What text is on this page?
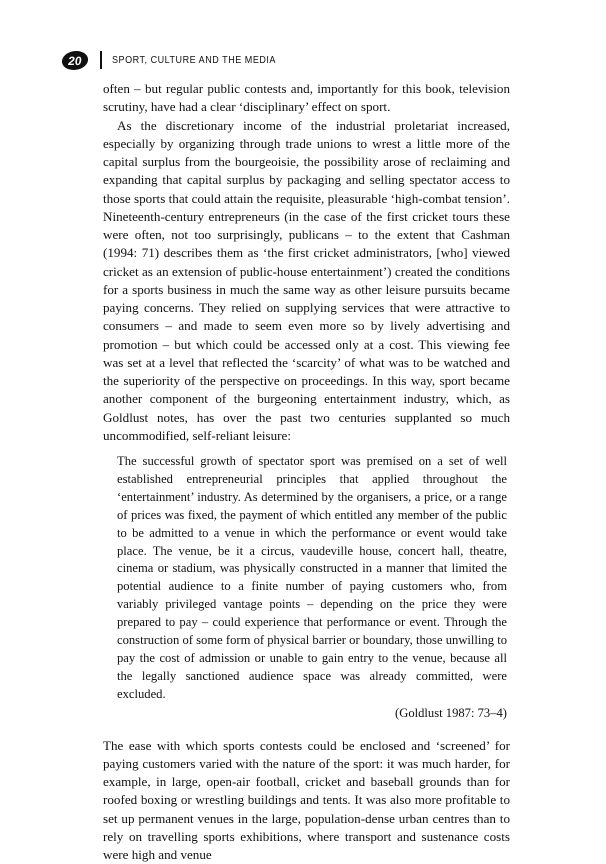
20	SPORT, CULTURE AND THE MEDIA

often – but regular public contests and, importantly for this book, television scrutiny, have had a clear ‘disciplinary’ effect on sport.

As the discretionary income of the industrial proletariat increased, especially by organizing through trade unions to wrest a little more of the capital surplus from the bourgeoisie, the possibility arose of reclaiming and expanding that capital surplus by packaging and selling spectator access to those sports that could attain the requisite, pleasurable ‘high-combat tension’. Nineteenth-century entrepreneurs (in the case of the first cricket tours these were often, not too surprisingly, publicans – to the extent that Cashman (1994: 71) describes them as ‘the first cricket administrators, [who] viewed cricket as an extension of public-house entertainment’) created the conditions for a sports business in much the same way as other leisure pursuits became paying concerns. They relied on supplying services that were attractive to consumers – and made to seem even more so by lively advertising and promotion – but which could be accessed only at a cost. This viewing fee was set at a level that reflected the ‘scarcity’ of what was to be watched and the superiority of the perspective on proceedings. In this way, sport became another component of the burgeoning entertainment industry, which, as Goldlust notes, has over the past two centuries supplanted so much uncommodified, self-reliant leisure:

The successful growth of spectator sport was premised on a set of well established entrepreneurial principles that applied throughout the ‘entertainment’ industry. As determined by the organisers, a price, or a range of prices was fixed, the payment of which entitled any member of the public to be admitted to a venue in which the performance or event would take place. The venue, be it a circus, vaudeville house, concert hall, theatre, cinema or stadium, was physically constructed in a manner that limited the potential audience to a finite number of paying customers who, from variably privileged vantage points – depending on the price they were prepared to pay – could experience that performance or event. Through the construction of some form of physical barrier or boundary, those unwilling to pay the cost of admission or unable to gain entry to the venue, because all the legally sanctioned audience space was already committed, were excluded.

(Goldlust 1987: 73–4)

The ease with which sports contests could be enclosed and ‘screened’ for paying customers varied with the nature of the sport: it was much harder, for example, in large, open-air football, cricket and baseball grounds than for roofed boxing or wrestling buildings and tents. It was also more profitable to set up permanent venues in the large, population-dense urban centres than to rely on travelling sports exhibitions, where transport and sustenance costs were high and venue
